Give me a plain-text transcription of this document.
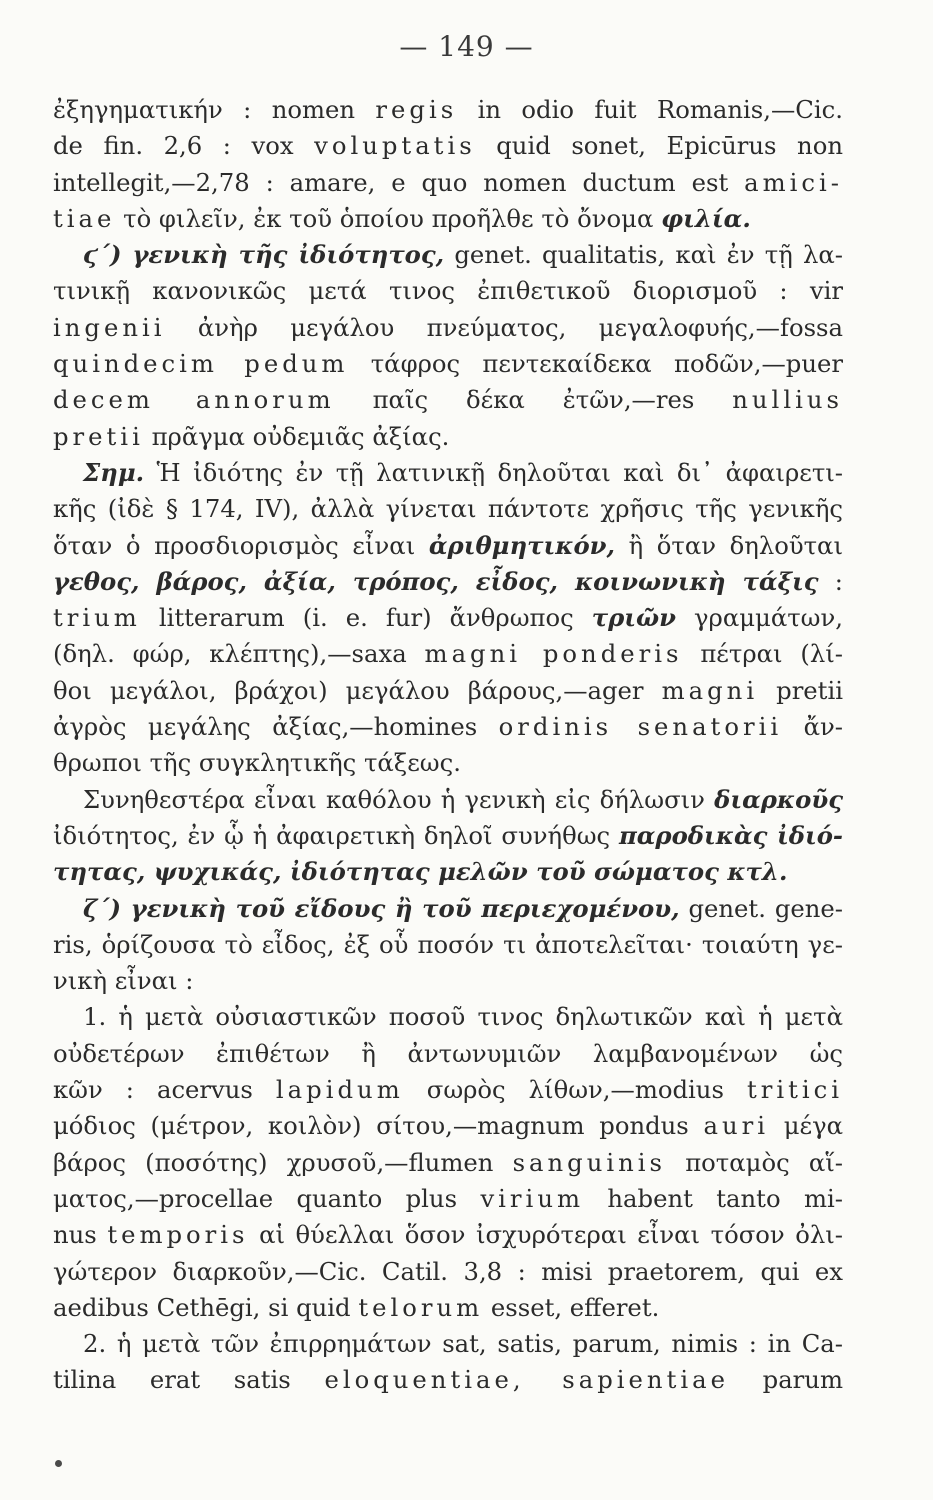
— 149 —
ἐξηγηματικήν : nomen regis in odio fuit Romanis,—Cic.
de fin. 2,6 : vox voluptatis quid sonet, Epicūrus non
intellegit,—2,78 : amare, e quo nomen ductum est amici-
tiae τὸ φιλεῖν, ἐκ τοῦ ὁποίου προῆλθε τὸ ὄνομα φιλία.
ϛ΄) γενικὴ τῆς ἰδιότητος, genet. qualitatis, καὶ ἐν τῇ λα-
τινικῇ κανονικῶς μετά τινος ἐπιθετικοῦ διορισμοῦ : vir
ingenii ἀνὴρ μεγάλου πνεύματος, μεγαλοφυής,—fossa
quindecim pedum τάφρος πεντεκαίδεκα ποδῶν,—puer
decem annorum παῖς δέκα ἐτῶν,—res nullius
pretii πρᾶγμα οὐδεμιᾶς ἀξίας.
Σημ. Ἡ ἰδιότης ἐν τῇ λατινικῇ δηλοῦται καὶ δι᾽ ἀφαιρετι-
κῆς (ἰδὲ § 174, IV), ἀλλὰ γίνεται πάντοτε χρῆσις τῆς γενικῆς
ὅταν ὁ προσδιορισμὸς εἶναι ἀριθμητικόν, ἢ ὅταν δηλοῦται
γεθος, βάρος, ἀξία, τρόπος, εἶδος, κοινωνικὴ τάξις :
trium litterarum (i. e. fur) ἄνθρωπος τριῶν γραμμάτων,
(δηλ. φώρ, κλέπτης),—saxa magni ponderis πέτραι (λί-
θοι μεγάλοι, βράχοι) μεγάλου βάρους,—ager magni pretii
ἀγρὸς μεγάλης ἀξίας,—homines ordinis senatorii ἄν-
θρωποι τῆς συγκλητικῆς τάξεως.
Συνηθεστέρα εἶναι καθόλου ἡ γενικὴ εἰς δήλωσιν διαρκοῦς
ἰδιότητος, ἐν ᾧ ἡ ἀφαιρετικὴ δηλοῖ συνήθως παροδικὰς ἰδιό-
τητας, ψυχικάς, ἰδιότητας μελῶν τοῦ σώματος κτλ.
ζ΄) γενικὴ τοῦ εἴδους ἢ τοῦ περιεχομένου, genet. gene-
ris, ὁρίζουσα τὸ εἶδος, ἐξ οὗ ποσόν τι ἀποτελεῖται· τοιαύτη γε-
νικὴ εἶναι :
1. ἡ μετὰ οὐσιαστικῶν ποσοῦ τινος δηλωτικῶν καὶ ἡ μετὰ
οὐδετέρων ἐπιθέτων ἢ ἀντωνυμιῶν λαμβανομένων ὡς
κῶν : acervus lapidum σωρὸς λίθων,—modius tritici
μόδιος (μέτρον, κοιλὸν) σίτου,—magnum pondus auri μέγα
βάρος (ποσότης) χρυσοῦ,—flumen sanguinis ποταμὸς αἵ-
ματος,—procellae quanto plus virium habent tanto mi-
nus temporis αἱ θύελλαι ὅσον ἰσχυρότεραι εἶναι τόσον ὀλι-
γώτερον διαρκοῦν,—Cic. Catil. 3,8 : misi praetorem, qui ex
aedibus Cethēgi, si quid telorum esset, efferet.
2. ἡ μετὰ τῶν ἐπιρρημάτων sat, satis, parum, nimis : in Ca-
tilina erat satis eloquentiae, sapientiae parum
